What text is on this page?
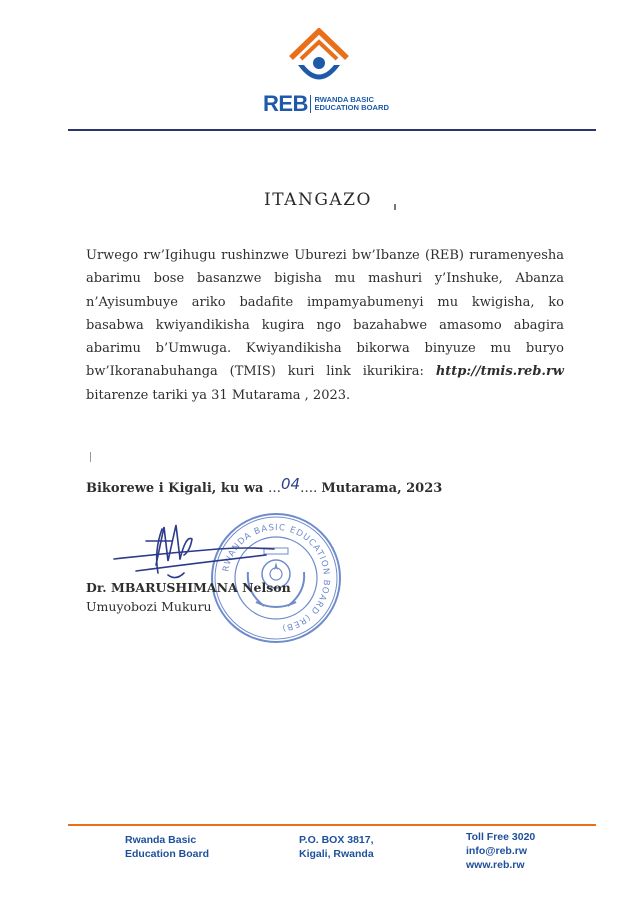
REB RWANDA BASIC
EDUCATION BOARD
ITANGAZO

Urwego rw’Igihugu rushinzwe Uburezi bw’Ibanze (REB) ruramenyesha abarimu bose basanzwe bigisha mu mashuri y’Inshuke, Abanza n’Ayisumbuye ariko badafite impamyabumenyi mu kwigisha, ko basabwa kwiyandikisha kugira ngo bazahabwe amasomo abagira abarimu b’Umwuga. Kwiyandikisha bikorwa binyuze mu buryo bw’Ikoranabuhanga (TMIS) kuri link ikurikira: http://tmis.reb.rw bitarenze tariki ya 31 Mutarama , 2023.

Bikorewe i Kigali, ku wa …04…. Mutarama, 2023
RWANDA BASIC EDUCATION BOARD (REB)
Dr. MBARUSHIMANA Nelson
Umuyobozi Mukuru
Rwanda Basic
Education Board
P.O. BOX 3817,
Kigali, Rwanda
Toll Free 3020
info@reb.rw
www.reb.rw
